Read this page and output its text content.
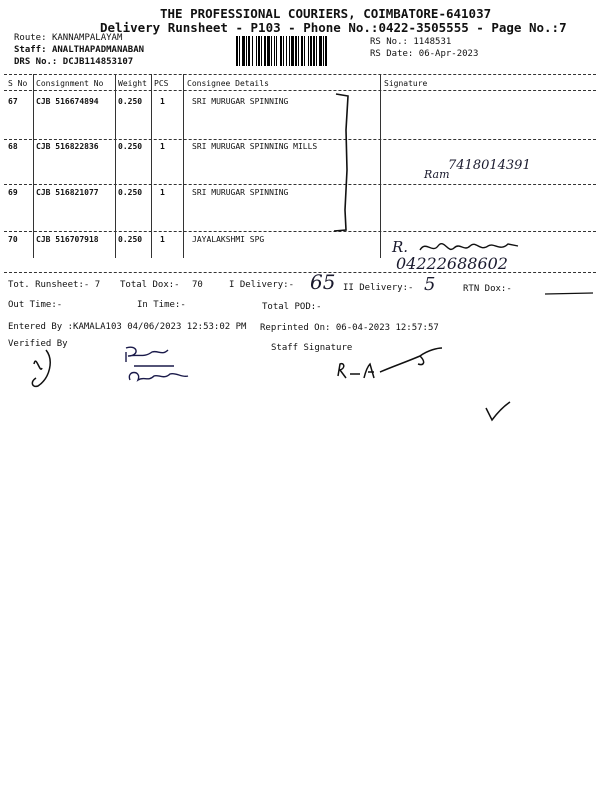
THE PROFESSIONAL COURIERS, COIMBATORE-641037
Delivery Runsheet - P103 - Phone No.:0422-3505555 - Page No.:7
Route: KANNAMPALAYAM
Staff: ANALTHAPADMANABAN
DRS No.: DCJB114853107
RS No.: 1148531
RS Date: 06-Apr-2023
S No Consignment No Weight PCS Consignee Details	Signature
67 CJB 516674894 0.250 1	SRI MURUGAR SPINNING
68 CJB 516822836 0.250 1	SRI MURUGAR SPINNING MILLS
69 CJB 516821077 0.250 1	SRI MURUGAR SPINNING
70 CJB 516707918 0.250 1	JAYALAKSHMI SPG
7418014391
Ram
R.
04222688602
Tot. Runsheet:- 7 Total Dox:- 70	I Delivery:- 65 II Delivery:- 5	RTN Dox:-
Out Time:-	In Time:-	Total POD:-
Entered By :KAMALA103 04/06/2023 12:53:02 PM Reprinted On: 06-04-2023 12:57:57
Verified By	Staff Signature
